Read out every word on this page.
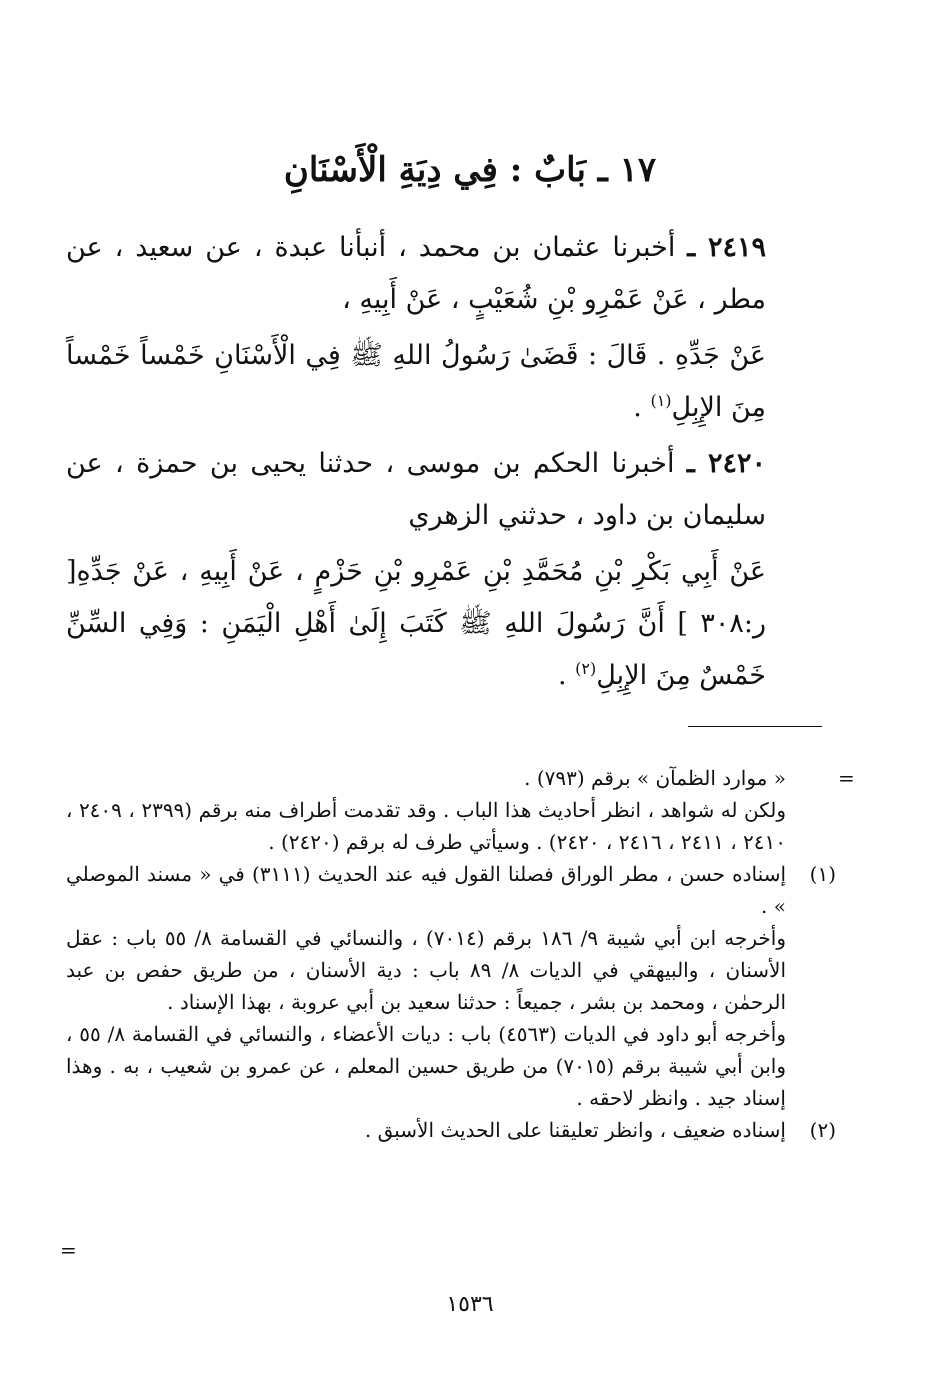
١٧ ـ بَابٌ : فِي دِيَةِ الْأَسْنَانِ

٢٤١٩ ـ أخبرنا عثمان بن محمد ، أنبأنا عبدة ، عن سعيد ، عن مطر ، عَنْ عَمْرِو بْنِ شُعَيْبٍ ، عَنْ أَبِيهِ ،

عَنْ جَدِّهِ . قَالَ : قَضَىٰ رَسُولُ اللهِ ﷺ فِي الْأَسْنَانِ خَمْساً خَمْساً مِنَ الإِبِلِ$^{(١)}$ .

٢٤٢٠ ـ أخبرنا الحكم بن موسى ، حدثنا يحيى بن حمزة ، عن سليمان بن داود ، حدثني الزهري

عَنْ أَبِي بَكْرِ بْنِ مُحَمَّدِ بْنِ عَمْرِو بْنِ حَزْمٍ ، عَنْ أَبِيهِ ، عَنْ جَدِّهِ[ ر:٣٠٨ ] أَنَّ رَسُولَ اللهِ ﷺ كَتَبَ إِلَىٰ أَهْلِ الْيَمَنِ : وَفِي السِّنِّ خَمْسٌ مِنَ الإِبِلِ$^{(٢)}$ .

=

« موارد الظمآن » برقم (٧٩٣) .

ولكن له شواهد ، انظر أحاديث هذا الباب . وقد تقدمت أطراف منه برقم (٢٣٩٩ ، ٢٤٠٩ ، ٢٤١٠ ، ٢٤١١ ، ٢٤١٦ ، ٢٤٢٠) . وسيأتي طرف له برقم (٢٤٢٠) .

(١)

إسناده حسن ، مطر الوراق فصلنا القول فيه عند الحديث (٣١١١) في « مسند الموصلي » .

وأخرجه ابن أبي شيبة ٩/ ١٨٦ برقم (٧٠١٤) ، والنسائي في القسامة ٨/ ٥٥ باب : عقل الأسنان ، والبيهقي في الديات ٨/ ٨٩ باب : دية الأسنان ، من طريق حفص بن عبد الرحمٰن ، ومحمد بن بشر ، جميعاً : حدثنا سعيد بن أبي عروبة ، بهذا الإسناد .

وأخرجه أبو داود في الديات (٤٥٦٣) باب : ديات الأعضاء ، والنسائي في القسامة ٨/ ٥٥ ، وابن أبي شيبة برقم (٧٠١٥) من طريق حسين المعلم ، عن عمرو بن شعيب ، به . وهذا إسناد جيد . وانظر لاحقه .

(٢)

إسناده ضعيف ، وانظر تعليقنا على الحديث الأسبق .

=
١٥٣٦
